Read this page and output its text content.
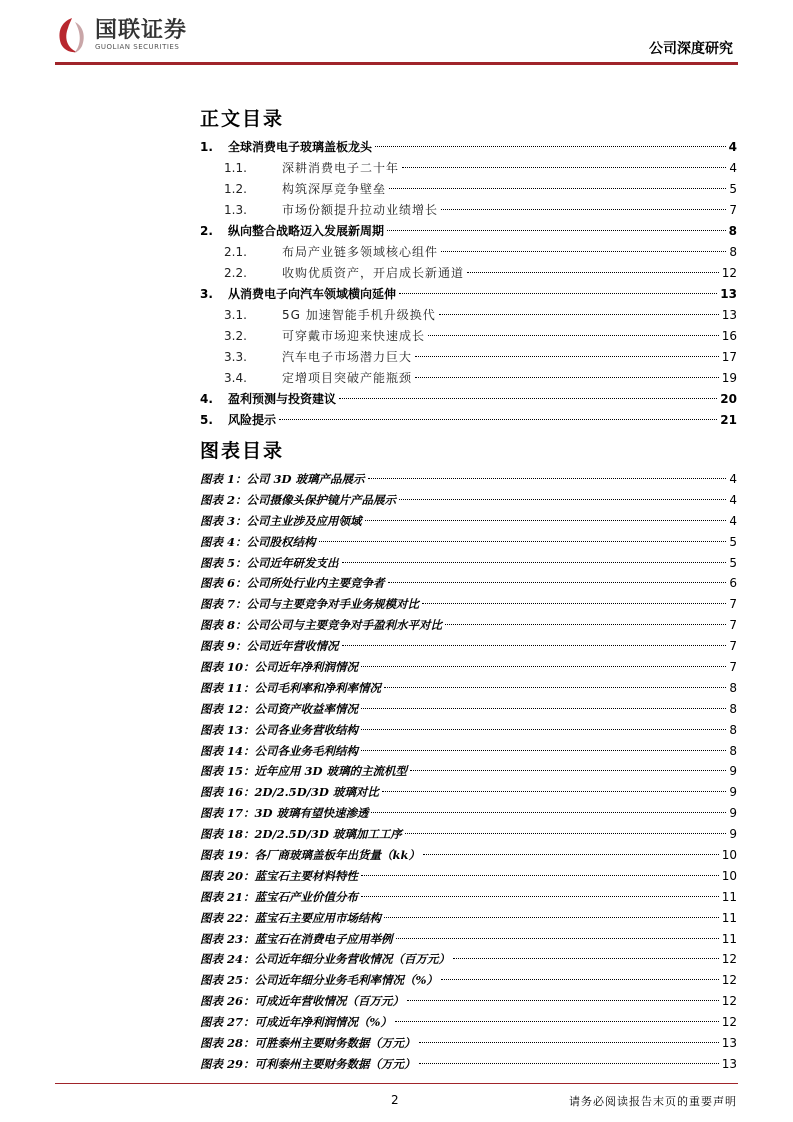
国联证券
GUOLIAN SECURITIES	公司深度研究
正文目录
1.	全球消费电子玻璃盖板龙头	4
1.1.	深耕消费电子二十年	4
1.2.	构筑深厚竞争壁垒	5
1.3.	市场份额提升拉动业绩增长	7
2.	纵向整合战略迈入发展新周期	8
2.1.	布局产业链多领域核心组件	8
2.2.	收购优质资产，开启成长新通道	12
3.	从消费电子向汽车领域横向延伸	13
3.1.	5G 加速智能手机升级换代	13
3.2.	可穿戴市场迎来快速成长	16
3.3.	汽车电子市场潜力巨大	17
3.4.	定增项目突破产能瓶颈	19
4.	盈利预测与投资建议	20
5.	风险提示	21
图表目录
图表 1：公司 3D 玻璃产品展示	4
图表 2：公司摄像头保护镜片产品展示	4
图表 3：公司主业涉及应用领域	4
图表 4：公司股权结构	5
图表 5：公司近年研发支出	5
图表 6：公司所处行业内主要竞争者	6
图表 7：公司与主要竞争对手业务规模对比	7
图表 8：公司公司与主要竞争对手盈利水平对比	7
图表 9：公司近年营收情况	7
图表 10：公司近年净利润情况	7
图表 11：公司毛利率和净利率情况	8
图表 12：公司资产收益率情况	8
图表 13：公司各业务营收结构	8
图表 14：公司各业务毛利结构	8
图表 15：近年应用 3D 玻璃的主流机型	9
图表 16：2D/2.5D/3D 玻璃对比	9
图表 17：3D 玻璃有望快速渗透	9
图表 18：2D/2.5D/3D 玻璃加工工序	9
图表 19：各厂商玻璃盖板年出货量（kk）	10
图表 20：蓝宝石主要材料特性	10
图表 21：蓝宝石产业价值分布	11
图表 22：蓝宝石主要应用市场结构	11
图表 23：蓝宝石在消费电子应用举例	11
图表 24：公司近年细分业务营收情况（百万元）	12
图表 25：公司近年细分业务毛利率情况（%）	12
图表 26：可成近年营收情况（百万元）	12
图表 27：可成近年净利润情况（%）	12
图表 28：可胜泰州主要财务数据（万元）	13
图表 29：可利泰州主要财务数据（万元）	13
2	请务必阅读报告末页的重要声明
